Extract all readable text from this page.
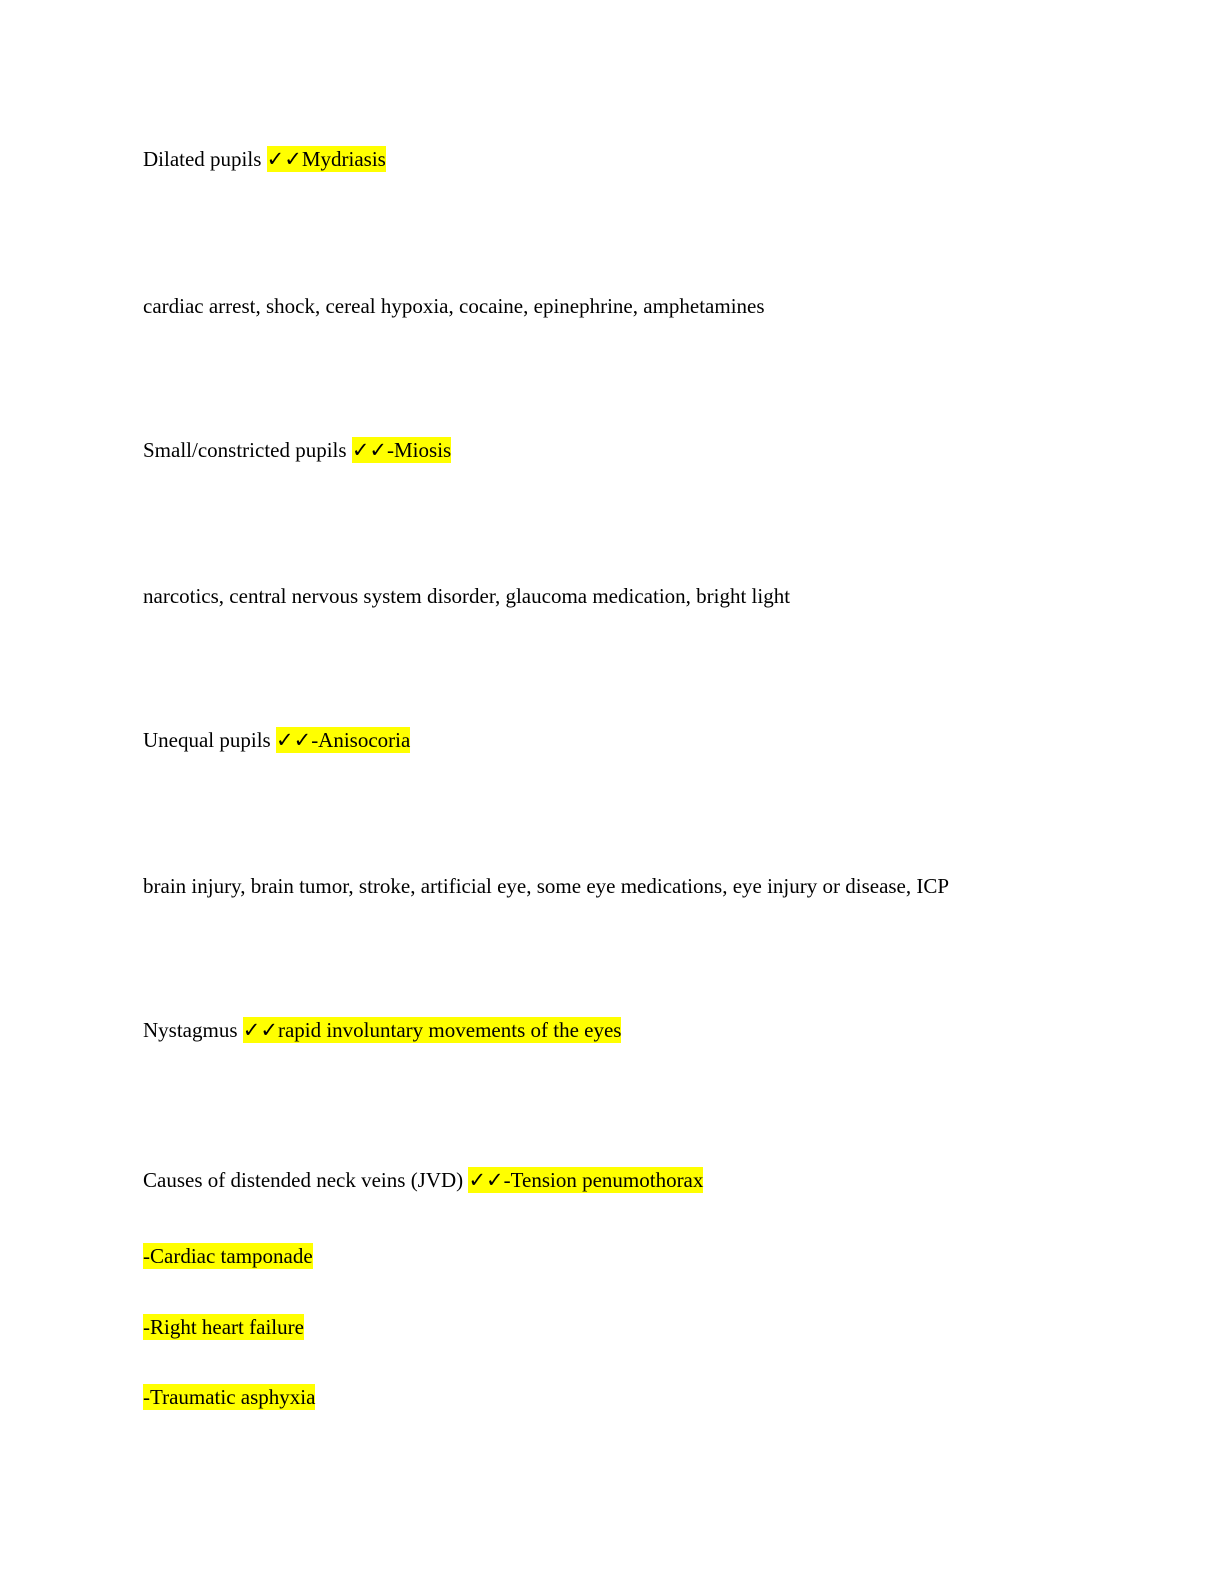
Dilated pupils ✓✓Mydriasis
cardiac arrest, shock, cereal hypoxia, cocaine, epinephrine, amphetamines
Small/constricted pupils ✓✓-Miosis
narcotics, central nervous system disorder, glaucoma medication, bright light
Unequal pupils ✓✓-Anisocoria
brain injury, brain tumor, stroke, artificial eye, some eye medications, eye injury or disease, ICP
Nystagmus ✓✓rapid involuntary movements of the eyes
Causes of distended neck veins (JVD) ✓✓-Tension penumothorax
-Cardiac tamponade
-Right heart failure
-Traumatic asphyxia
